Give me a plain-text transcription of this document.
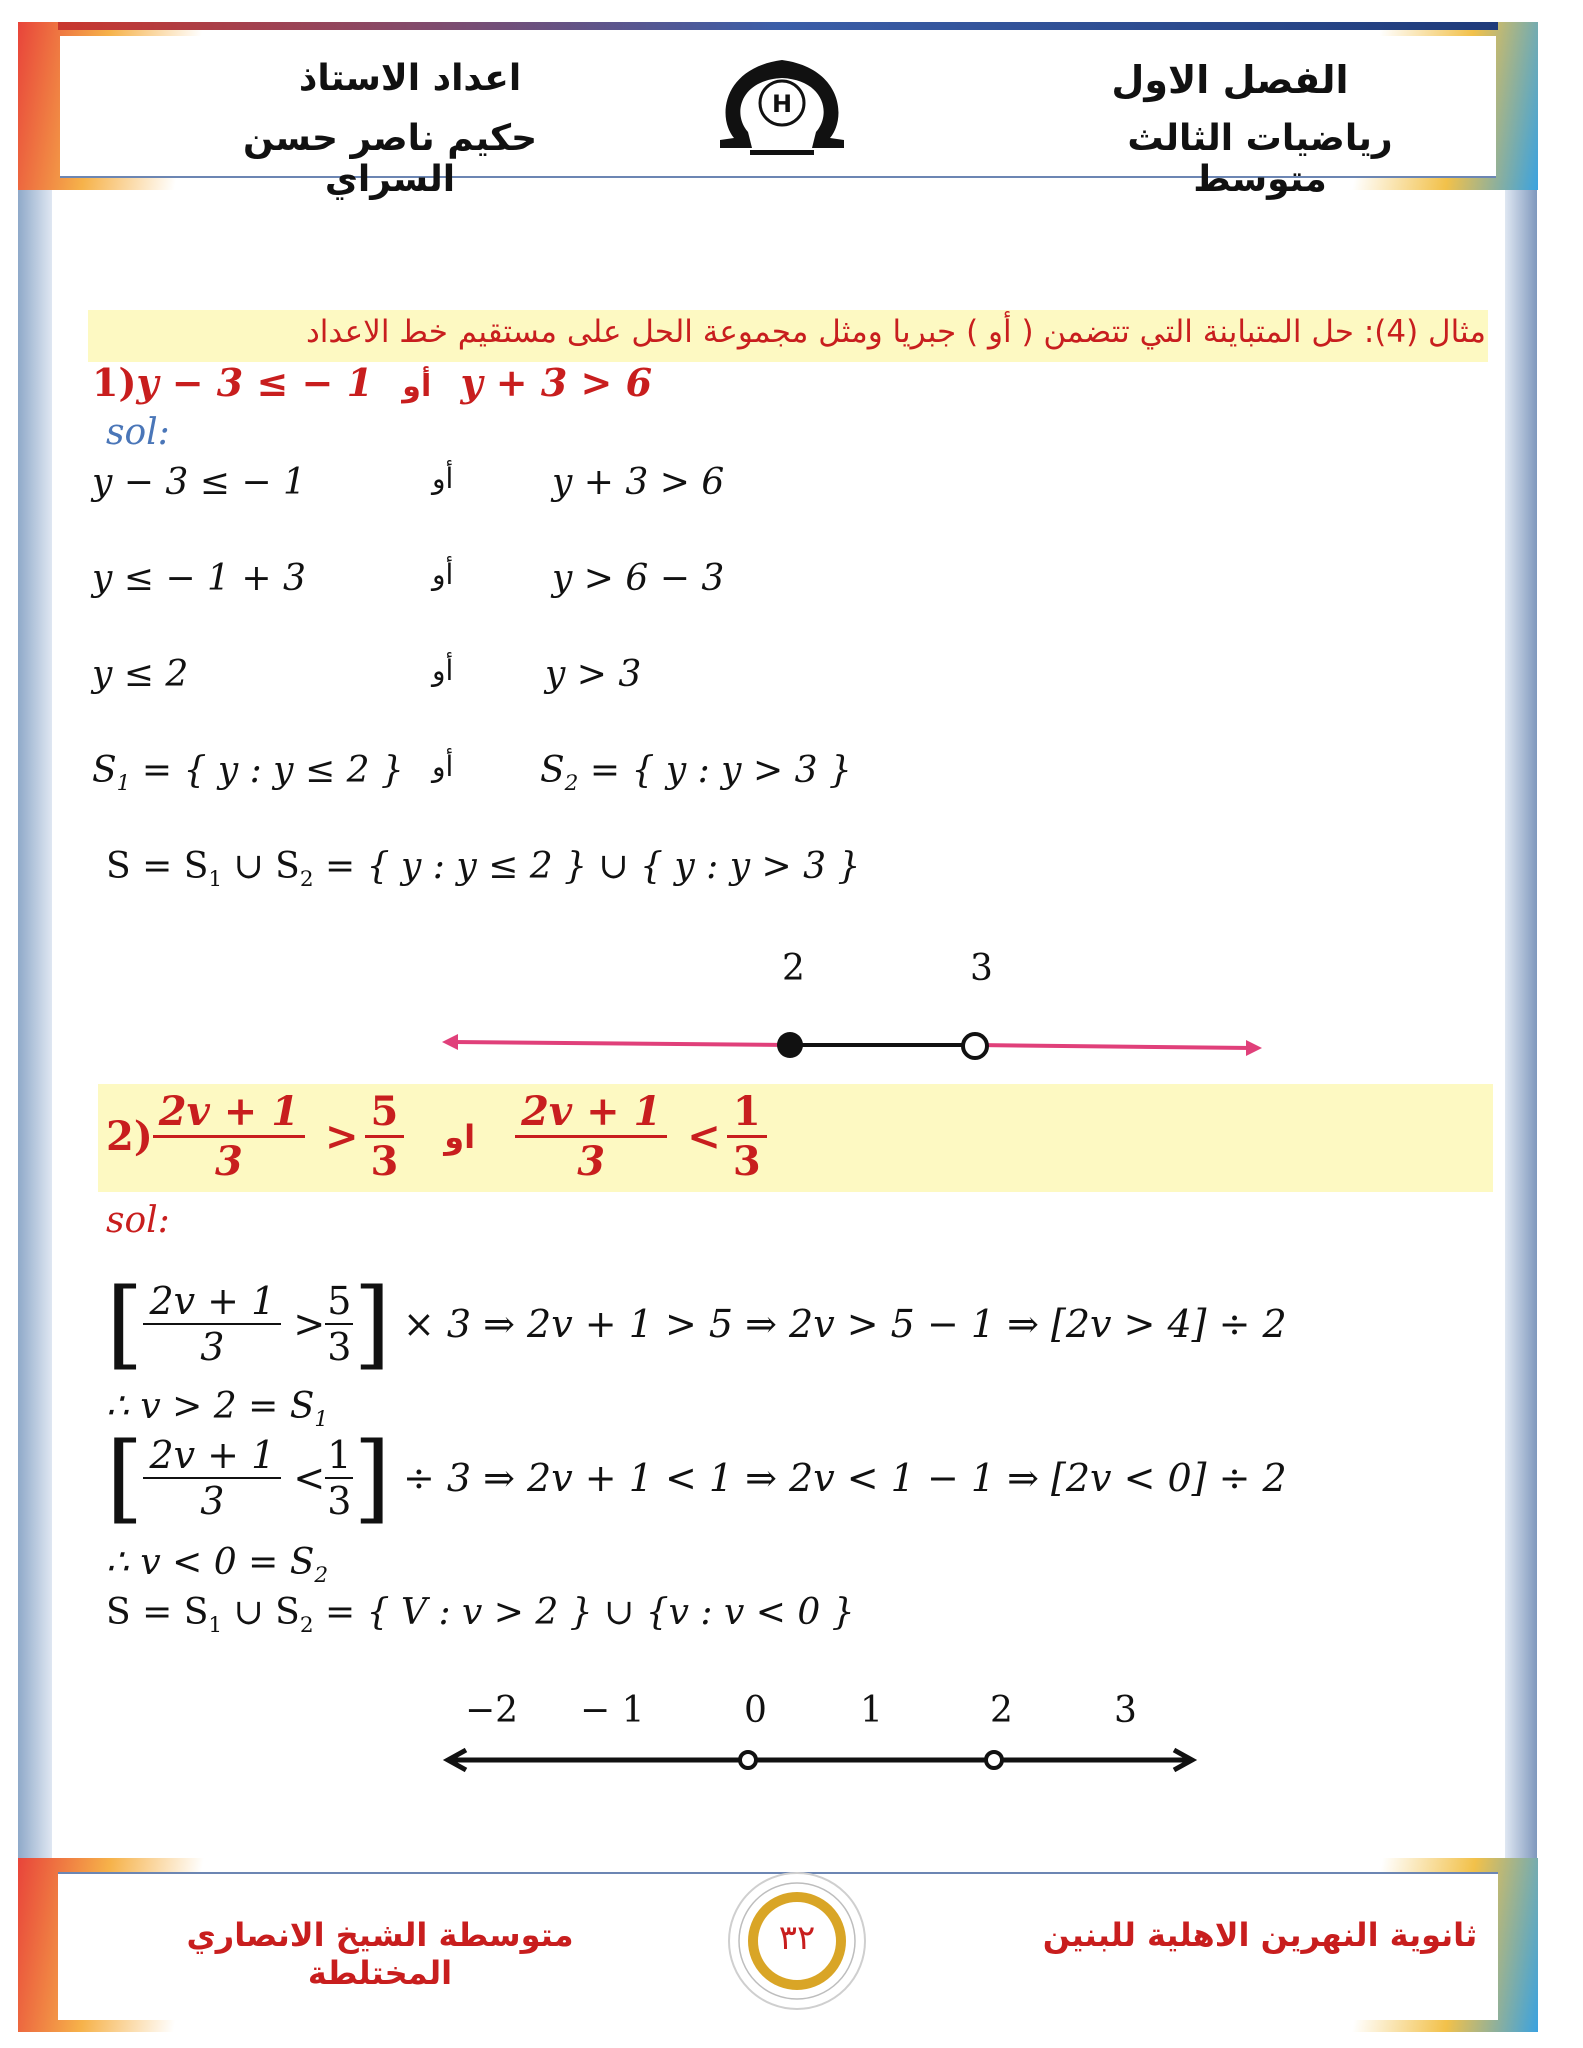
الفصل الاول
رياضيات الثالث متوسط
اعداد الاستاذ
حكيم ناصر حسن السراي
H
مثال (4): حل المتباينة التي تتضمن ( أو ) جبريا ومثل مجموعة الحل على مستقيم خط الاعداد
1)y − 3 ≤ − 1 أو y + 3 > 6
sol:
y − 3 ≤ − 1	أو	y + 3 > 6
y ≤ − 1 + 3	أو	y > 6 − 3
y ≤ 2	أو	y > 3
$S_1$ = { y : y ≤ 2 } أو $S_2$ = { y : y > 3 }
$S = S_1$ ∪ $S_2$ = { y : y ≤ 2 } ∪ { y : y > 3 }
2	3
$2) \frac{2v + 1}{3} > \frac{5}{3}$ او $\frac{2v + 1}{3} < \frac{1}{3}$
sol:
[ $\frac{2v + 1}{3} > \frac{5}{3}$ ] × 3 ⇒ 2v + 1 > 5 ⇒ 2v > 5 − 1 ⇒ [2v > 4] ÷ 2
∴ $v > 2 = S_1$
[ $\frac{2v + 1}{3} < \frac{1}{3}$ ] ÷ 3 ⇒ 2v + 1 < 1 ⇒ 2v < 1 − 1 ⇒ [2v < 0] ÷ 2
∴ $v < 0 = S_2$
$S = S_1$ ∪ $S_2$ = { V : v > 2 } ∪ {v : v < 0 }
−2 − 1	0	1	2	3
ثانوية النهرين الاهلية للبنين
متوسطة الشيخ الانصاري المختلطة
٣٢
